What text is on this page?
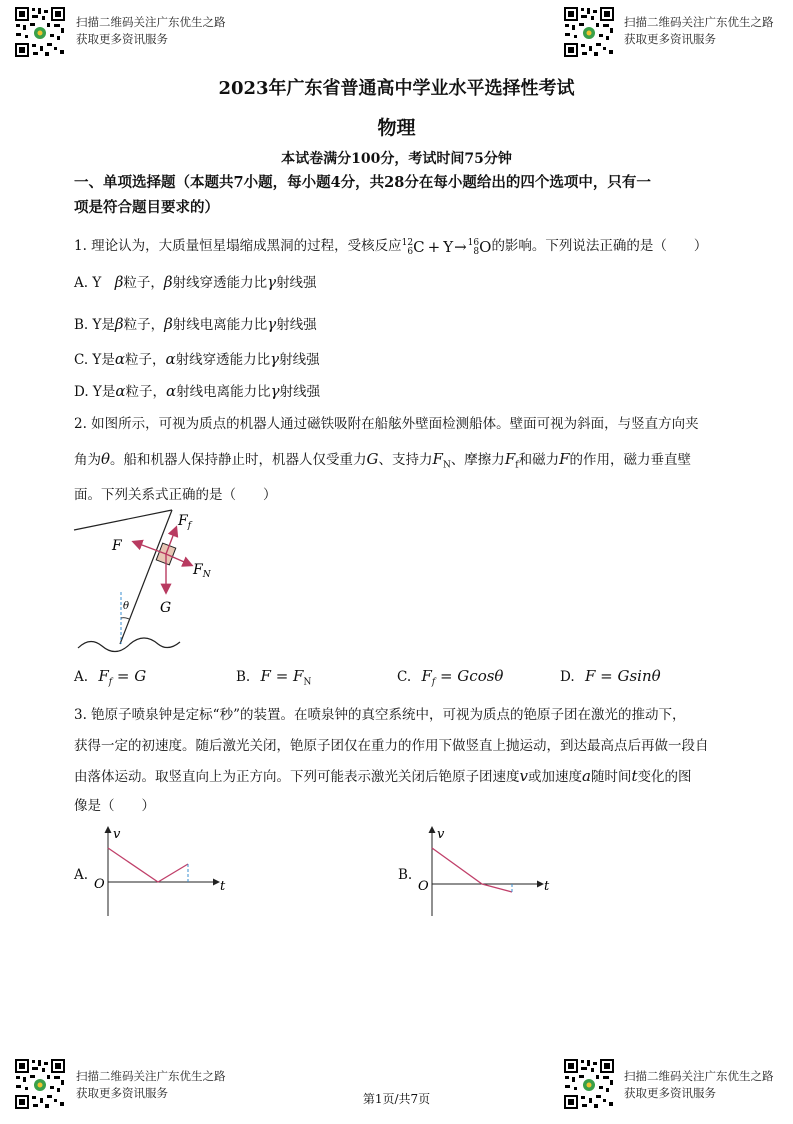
扫描二维码关注广东优生之路
获取更多资讯服务
扫描二维码关注广东优生之路
获取更多资讯服务
2023年广东省普通高中学业水平选择性考试
物理
本试卷满分100分，考试时间75分钟
一、单项选择题（本题共7小题，每小题4分，共28分在每小题给出的四个选项中，只有一
项是符合题目要求的）
1. 理论认为，大质量恒星塌缩成黑洞的过程，受核反应12
6C + Y→16
8O的影响。下列说法正确的是（　　）
A. Y　β粒子，β射线穿透能力比γ射线强
B. Y是β粒子，β射线电离能力比γ射线强
C. Y是α粒子，α射线穿透能力比γ射线强
D. Y是α粒子，α射线电离能力比γ射线强
2. 如图所示，可视为质点的机器人通过磁铁吸附在船舷外壁面检测船体。壁面可视为斜面，与竖直方向夹
角为θ。船和机器人保持静止时，机器人仅受重力G、支持力$F_N$、摩擦力$F_f$和磁力F的作用，磁力垂直壁
面。下列关系式正确的是（　　）
$F_f$
F
$F_N$
G
θ
A. $F_f = G$	B. $F = F_N$	C. $F_f = Gcos\theta$	D. F = Gsinθ
3. 铯原子喷泉钟是定标“秒”的装置。在喷泉钟的真空系统中，可视为质点的铯原子团在激光的推动下，
获得一定的初速度。随后激光关闭，铯原子团仅在重力的作用下做竖直上抛运动，到达最高点后再做一段自
由落体运动。取竖直向上为正方向。下列可能表示激光关闭后铯原子团速度v或加速度a随时间t变化的图
像是（　　）
A.
v
t
O
B.
v
t
O
扫描二维码关注广东优生之路
获取更多资讯服务
扫描二维码关注广东优生之路
获取更多资讯服务
第1页/共7页
